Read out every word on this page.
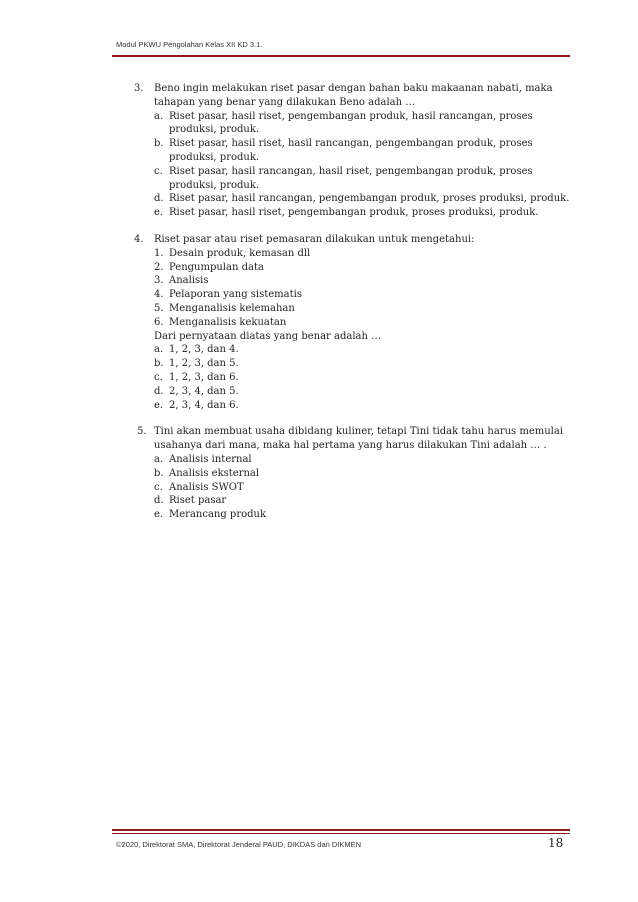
Modul PKWU Pengolahan Kelas XII KD 3.1.
3. Beno ingin melakukan riset pasar dengan bahan baku makaanan nabati, maka tahapan yang benar yang dilakukan Beno adalah …
a. Riset pasar, hasil riset, pengembangan produk, hasil rancangan, proses produksi, produk.
b. Riset pasar, hasil riset, hasil rancangan, pengembangan produk, proses produksi, produk.
c. Riset pasar, hasil rancangan, hasil riset, pengembangan produk, proses produksi, produk.
d. Riset pasar, hasil rancangan, pengembangan produk, proses produksi, produk.
e. Riset pasar, hasil riset, pengembangan produk, proses produksi, produk.
4. Riset pasar atau riset pemasaran dilakukan untuk mengetahui:
1. Desain produk, kemasan dll
2. Pengumpulan data
3. Analisis
4. Pelaporan yang sistematis
5. Menganalisis kelemahan
6. Menganalisis kekuatan
Dari pernyataan diatas yang benar adalah …
a. 1, 2, 3, dan 4.
b. 1, 2, 3, dan 5.
c. 1, 2, 3, dan 6.
d. 2, 3, 4, dan 5.
e. 2, 3, 4, dan 6.
5. Tini akan membuat usaha dibidang kuliner, tetapi Tini tidak tahu harus memulai usahanya dari mana, maka hal pertama yang harus dilakukan Tini adalah … .
a. Analisis internal
b. Analisis eksternal
c. Analisis SWOT
d. Riset pasar
e. Merancang produk
©2020, Direktorat SMA, Direktorat Jenderal PAUD, DIKDAS dan DIKMEN	18
